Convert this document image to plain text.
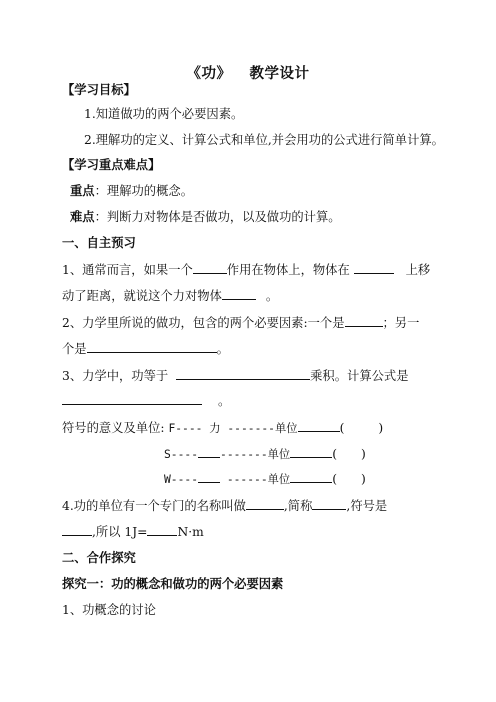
《功》 教学设计
【学习目标】
1.知道做功的两个必要因素。
2.理解功的定义、计算公式和单位,并会用功的公式进行简单计算。
【学习重点难点】
重点：理解功的概念。
难点：判断力对物体是否做功，以及做功的计算。
一、自主预习
1、通常而言，如果一个	作用在物体上，物体在	上移
动了距离，就说这个力对物体	。
2、力学里所说的做功，包含的两个必要因素:一个是	；另一
个是	。
3、力学中，功等于	乘积。计算公式是
。
符号的意义及单位: F---- 力 -------单位	(	)
S---- -------单位	( )
W---- ------单位	( )
4.功的单位有一个专门的名称叫做	,简称	,符号是
,所以 1J= N·m
二、合作探究
探究一：功的概念和做功的两个必要因素
1、功概念的讨论
